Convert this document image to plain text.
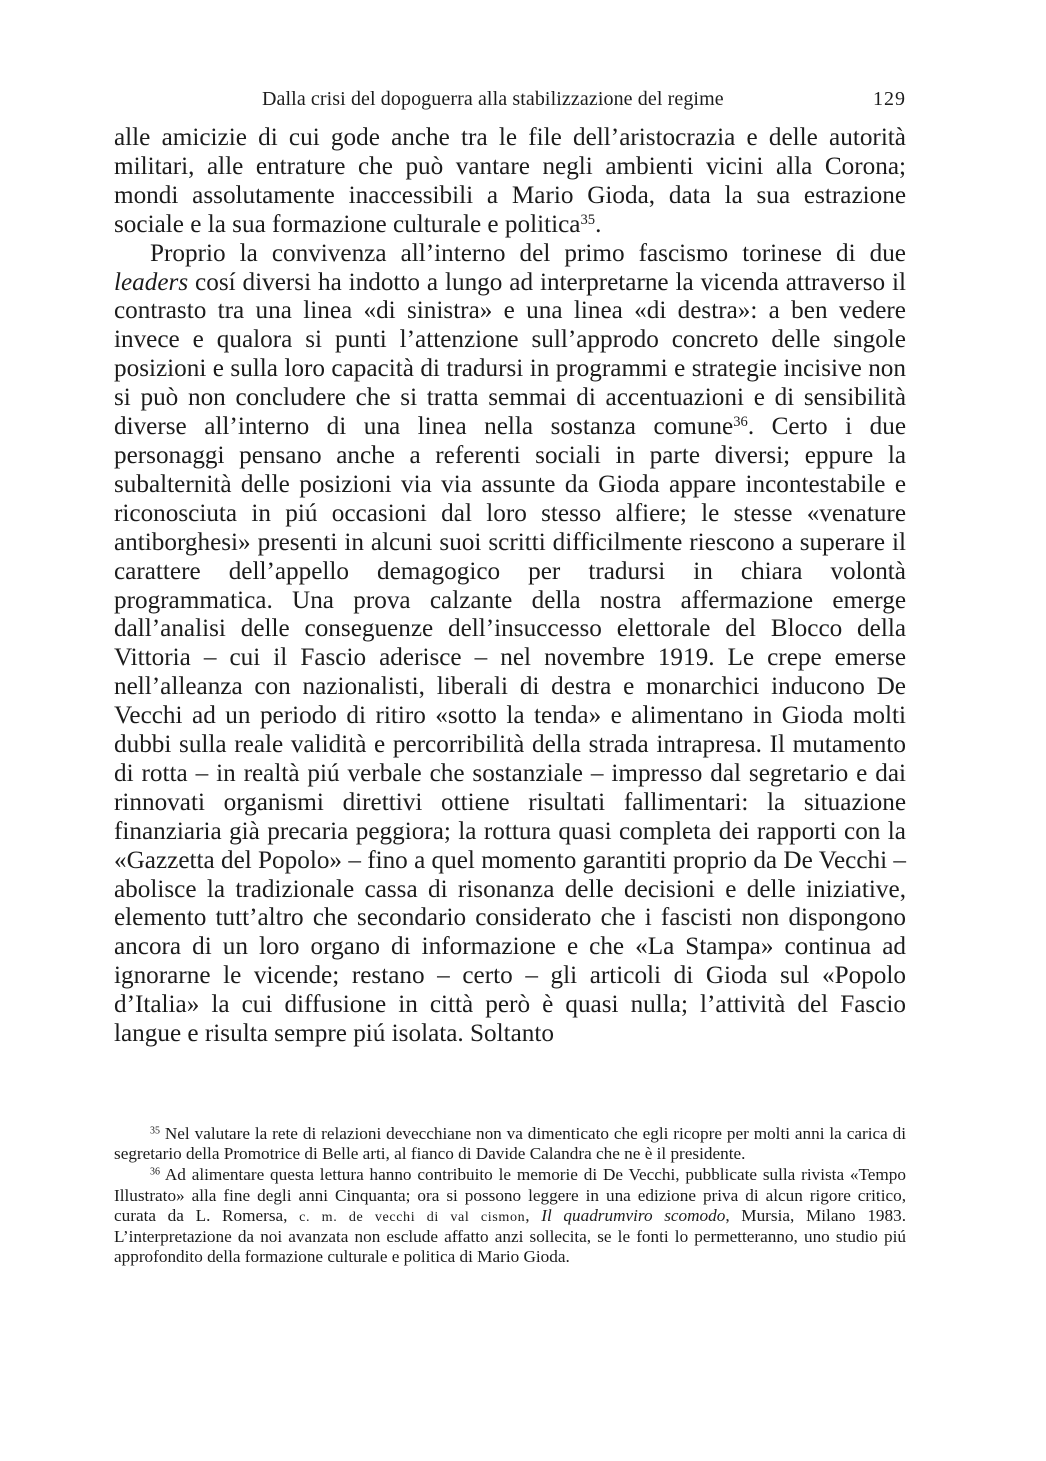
Dalla crisi del dopoguerra alla stabilizzazione del regime	129

alle amicizie di cui gode anche tra le file dell’aristocrazia e delle autorità militari, alle entrature che può vantare negli ambienti vicini alla Corona; mondi assolutamente inaccessibili a Mario Gioda, data la sua estrazione sociale e la sua formazione culturale e politica$^{35}$.

Proprio la convivenza all’interno del primo fascismo torinese di due leaders cosí diversi ha indotto a lungo ad interpretarne la vicenda attraverso il contrasto tra una linea «di sinistra» e una linea «di destra»: a ben vedere invece e qualora si punti l’attenzione sull’approdo concreto delle singole posizioni e sulla loro capacità di tradursi in programmi e strategie incisive non si può non concludere che si tratta semmai di accentuazioni e di sensibilità diverse all’interno di una linea nella sostanza comune$^{36}$. Certo i due personaggi pensano anche a referenti sociali in parte diversi; eppure la subalternità delle posizioni via via assunte da Gioda appare incontestabile e riconosciuta in piú occasioni dal loro stesso alfiere; le stesse «venature antiborghesi» presenti in alcuni suoi scritti difficilmente riescono a superare il carattere dell’appello demagogico per tradursi in chiara volontà programmatica. Una prova calzante della nostra affermazione emerge dall’analisi delle conseguenze dell’insuccesso elettorale del Blocco della Vittoria – cui il Fascio aderisce – nel novembre 1919. Le crepe emerse nell’alleanza con nazionalisti, liberali di destra e monarchici inducono De Vecchi ad un periodo di ritiro «sotto la tenda» e alimentano in Gioda molti dubbi sulla reale validità e percorribilità della strada intrapresa. Il mutamento di rotta – in realtà piú verbale che sostanziale – impresso dal segretario e dai rinnovati organismi direttivi ottiene risultati fallimentari: la situazione finanziaria già precaria peggiora; la rottura quasi completa dei rapporti con la «Gazzetta del Popolo» – fino a quel momento garantiti proprio da De Vecchi – abolisce la tradizionale cassa di risonanza delle decisioni e delle iniziative, elemento tutt’altro che secondario considerato che i fascisti non dispongono ancora di un loro organo di informazione e che «La Stampa» continua ad ignorarne le vicende; restano – certo – gli articoli di Gioda sul «Popolo d’Italia» la cui diffusione in città però è quasi nulla; l’attività del Fascio langue e risulta sempre piú isolata. Soltanto

$^{35}$ Nel valutare la rete di relazioni devecchiane non va dimenticato che egli ricopre per molti anni la carica di segretario della Promotrice di Belle arti, al fianco di Davide Calandra che ne è il presidente.

$^{36}$ Ad alimentare questa lettura hanno contribuito le memorie di De Vecchi, pubblicate sulla rivista «Tempo Illustrato» alla fine degli anni Cinquanta; ora si possono leggere in una edizione priva di alcun rigore critico, curata da L. Romersa, c. m. de vecchi di val cismon, Il quadrumviro scomodo, Mursia, Milano 1983. L’interpretazione da noi avanzata non esclude affatto anzi sollecita, se le fonti lo permetteranno, uno studio piú approfondito della formazione culturale e politica di Mario Gioda.
